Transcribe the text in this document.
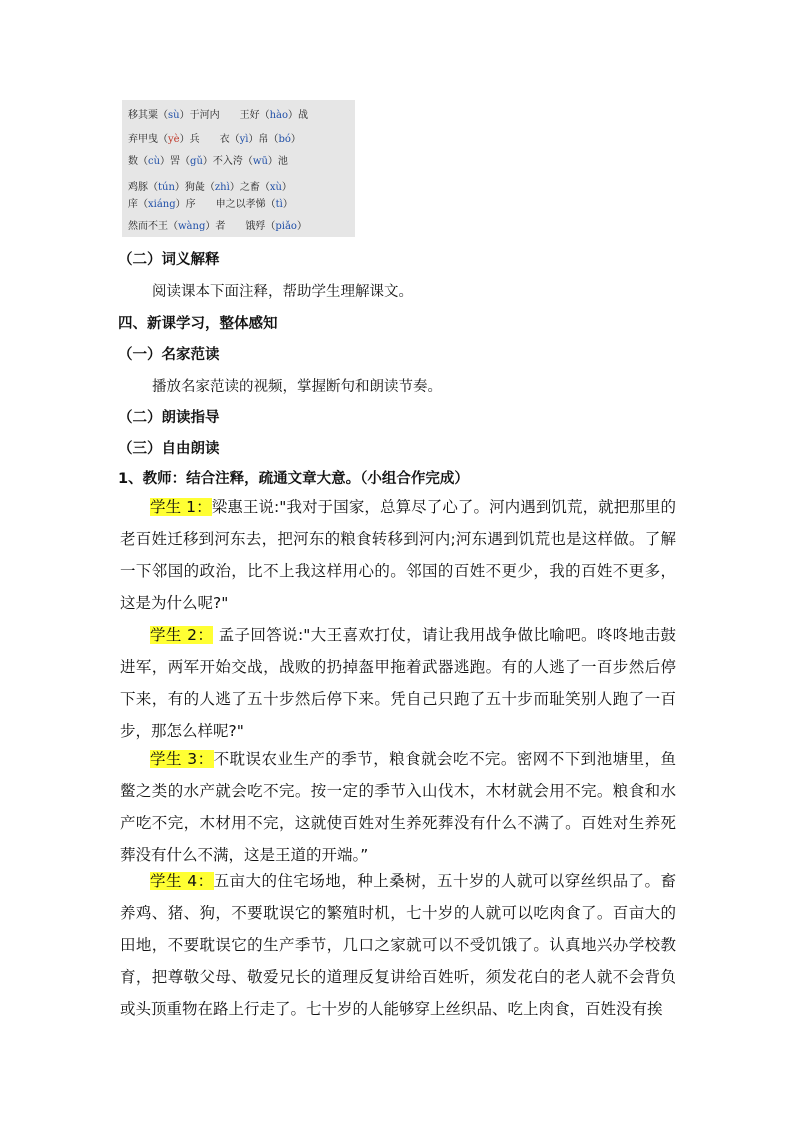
移其粟（sù）于河内　　王好（hào）战
弃甲曳（yè）兵　　衣（yì）帛（bó）
数（cù）罟（gǔ）不入洿（wū）池
鸡豚（tún）狗彘（zhì）之畜（xù）
庠（xiáng）序　　申之以孝悌（tì）
然而不王（wàng）者　　饿殍（piǎo）
（二）词义解释
阅读课本下面注释，帮助学生理解课文。
四、新课学习，整体感知
（一）名家范读
播放名家范读的视频，掌握断句和朗读节奏。
（二）朗读指导
（三）自由朗读
1、教师：结合注释，疏通文章大意。（小组合作完成）
学生 1：梁惠王说:"我对于国家，总算尽了心了。河内遇到饥荒，就把那里的老百姓迁移到河东去，把河东的粮食转移到河内;河东遇到饥荒也是这样做。了解一下邻国的政治，比不上我这样用心的。邻国的百姓不更少，我的百姓不更多，这是为什么呢?"
学生 2： 孟子回答说:"大王喜欢打仗，请让我用战争做比喻吧。咚咚地击鼓进军，两军开始交战，战败的扔掉盔甲拖着武器逃跑。有的人逃了一百步然后停下来，有的人逃了五十步然后停下来。凭自己只跑了五十步而耻笑别人跑了一百步，那怎么样呢?"
学生 3：不耽误农业生产的季节，粮食就会吃不完。密网不下到池塘里，鱼鳖之类的水产就会吃不完。按一定的季节入山伐木，木材就会用不完。粮食和水产吃不完，木材用不完，这就使百姓对生养死葬没有什么不满了。百姓对生养死葬没有什么不满，这是王道的开端。”
学生 4：五亩大的住宅场地，种上桑树，五十岁的人就可以穿丝织品了。畜养鸡、猪、狗，不要耽误它的繁殖时机，七十岁的人就可以吃肉食了。百亩大的田地，不要耽误它的生产季节，几口之家就可以不受饥饿了。认真地兴办学校教育，把尊敬父母、敬爱兄长的道理反复讲给百姓听，须发花白的老人就不会背负或头顶重物在路上行走了。七十岁的人能够穿上丝织品、吃上肉食，百姓没有挨
